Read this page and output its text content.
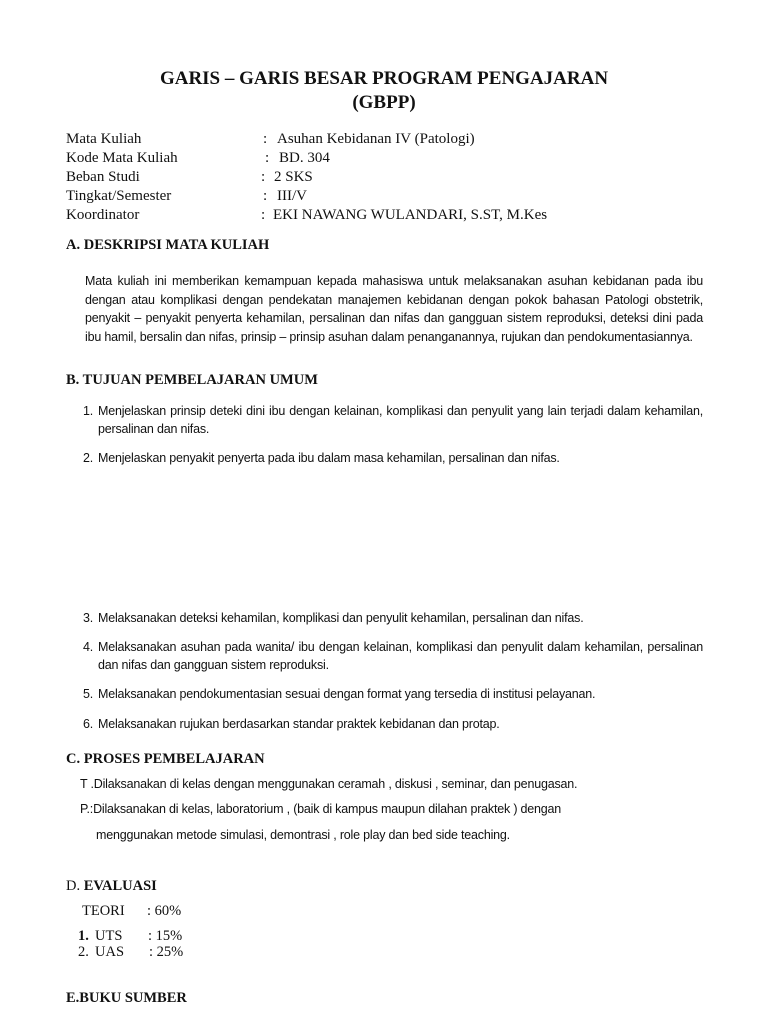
GARIS – GARIS BESAR PROGRAM PENGAJARAN
(GBPP)
Mata Kuliah	: Asuhan Kebidanan IV (Patologi)
Kode Mata Kuliah	: BD. 304
Beban Studi	: 2 SKS
Tingkat/Semester	: III/V
Koordinator	: EKI NAWANG WULANDARI, S.ST, M.Kes
A. DESKRIPSI MATA KULIAH
Mata kuliah ini memberikan kemampuan kepada mahasiswa untuk melaksanakan asuhan kebidanan pada ibu dengan atau komplikasi dengan pendekatan manajemen kebidanan dengan pokok bahasan Patologi obstetrik, penyakit – penyakit penyerta kehamilan, persalinan dan nifas dan gangguan sistem reproduksi, deteksi dini pada ibu hamil, bersalin dan nifas, prinsip – prinsip asuhan dalam penanganannya, rujukan dan pendokumentasiannya.
B. TUJUAN PEMBELAJARAN UMUM
1. Menjelaskan prinsip deteki dini ibu dengan kelainan, komplikasi dan penyulit yang lain terjadi dalam kehamilan, persalinan dan nifas.
2. Menjelaskan penyakit penyerta pada ibu dalam masa kehamilan, persalinan dan nifas.
3. Melaksanakan deteksi kehamilan, komplikasi dan penyulit kehamilan, persalinan dan nifas.
4. Melaksanakan asuhan pada wanita/ ibu dengan kelainan, komplikasi dan penyulit dalam kehamilan, persalinan dan nifas dan gangguan sistem reproduksi.
5. Melaksanakan pendokumentasian sesuai dengan format yang tersedia di institusi pelayanan.
6. Melaksanakan rujukan berdasarkan standar praktek kebidanan dan protap.
C. PROSES PEMBELAJARAN
T .Dilaksanakan di kelas dengan menggunakan ceramah , diskusi , seminar, dan penugasan.
P.:Dilaksanakan di kelas, laboratorium , (baik di kampus maupun dilahan praktek ) dengan
menggunakan metode simulasi, demontrasi , role play dan bed side teaching.
D. EVALUASI
TEORI : 60%
1. UTS : 15%
2. UAS : 25%
E.BUKU SUMBER
